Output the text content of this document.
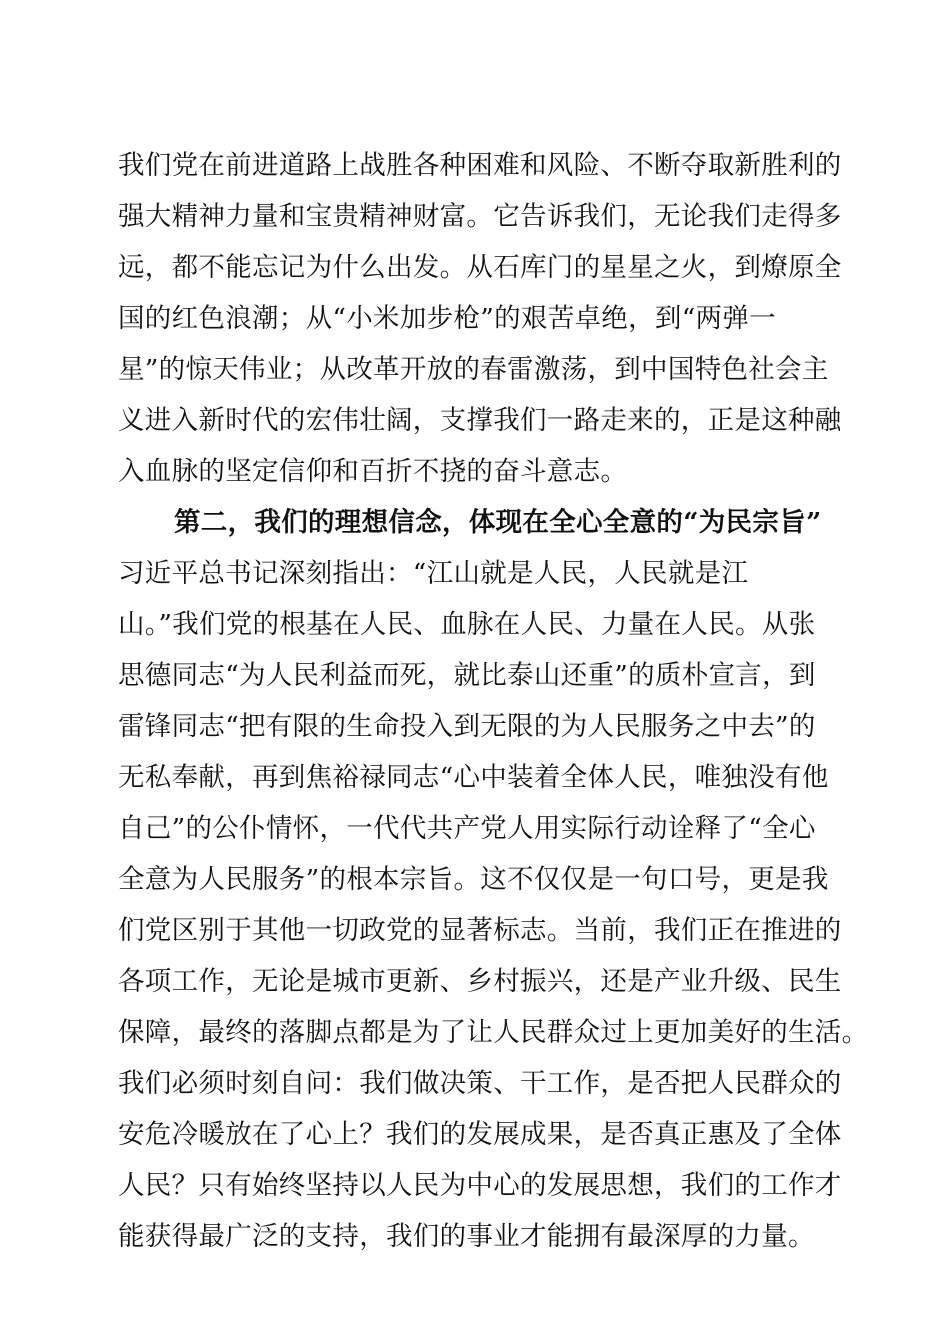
我们党在前进道路上战胜各种困难和风险、不断夺取新胜利的
强大精神力量和宝贵精神财富。它告诉我们，无论我们走得多
远，都不能忘记为什么出发。从石库门的星星之火，到燎原全
国的红色浪潮；从“小米加步枪”的艰苦卓绝，到“两弹一
星”的惊天伟业；从改革开放的春雷激荡，到中国特色社会主
义进入新时代的宏伟壮阔，支撑我们一路走来的，正是这种融
入血脉的坚定信仰和百折不挠的奋斗意志。

第二，我们的理想信念，体现在全心全意的“为民宗旨”

习近平总书记深刻指出：“江山就是人民，人民就是江
山。”我们党的根基在人民、血脉在人民、力量在人民。从张
思德同志“为人民利益而死，就比泰山还重”的质朴宣言，到
雷锋同志“把有限的生命投入到无限的为人民服务之中去”的
无私奉献，再到焦裕禄同志“心中装着全体人民，唯独没有他
自己”的公仆情怀，一代代共产党人用实际行动诠释了“全心
全意为人民服务”的根本宗旨。这不仅仅是一句口号，更是我
们党区别于其他一切政党的显著标志。当前，我们正在推进的
各项工作，无论是城市更新、乡村振兴，还是产业升级、民生
保障，最终的落脚点都是为了让人民群众过上更加美好的生活。
我们必须时刻自问：我们做决策、干工作，是否把人民群众的
安危冷暖放在了心上？我们的发展成果，是否真正惠及了全体
人民？只有始终坚持以人民为中心的发展思想，我们的工作才
能获得最广泛的支持，我们的事业才能拥有最深厚的力量。
